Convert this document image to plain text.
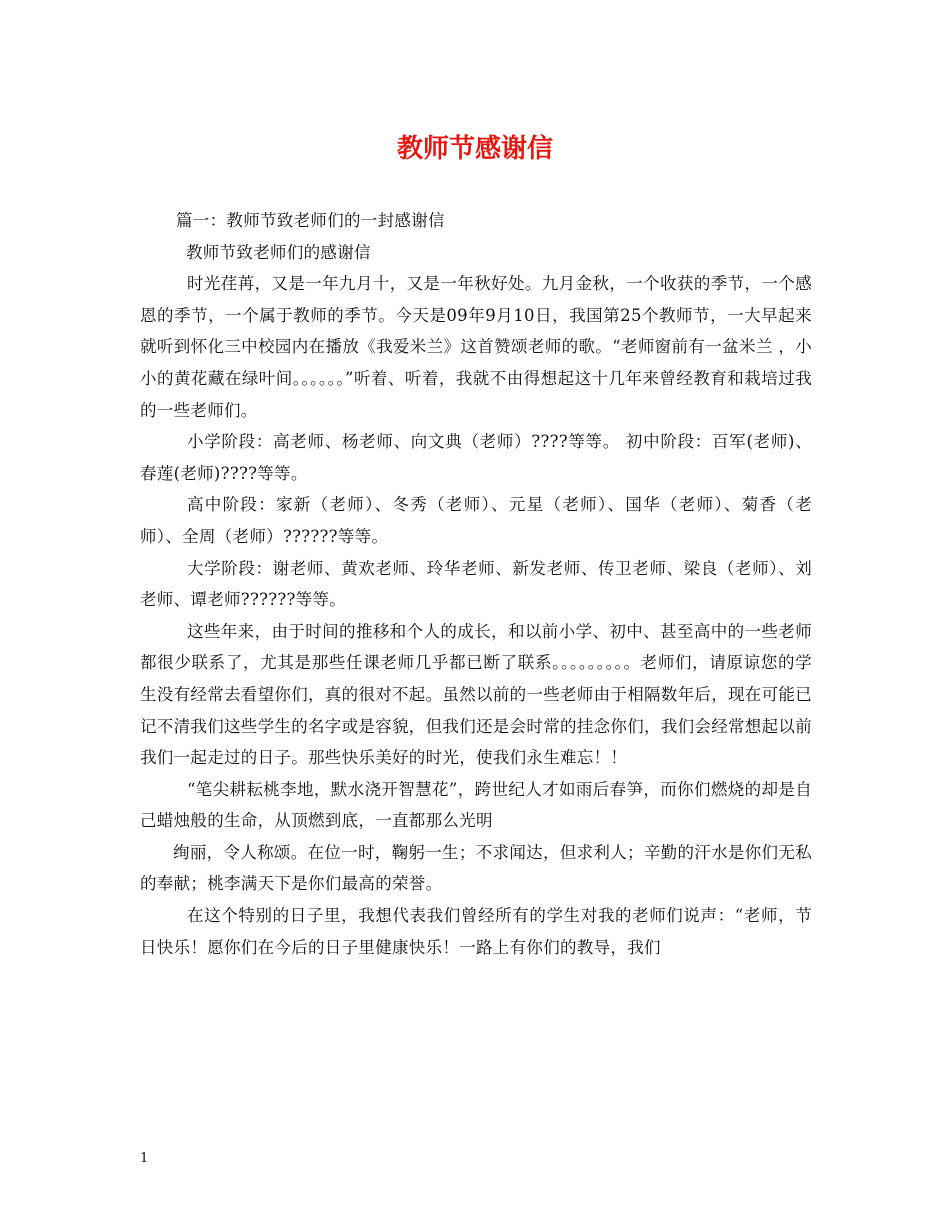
教师节感谢信

篇一：教师节致老师们的一封感谢信

教师节致老师们的感谢信

时光荏苒，又是一年九月十，又是一年秋好处。九月金秋，一个收获的季节，一个感恩的季节，一个属于教师的季节。今天是09年9月10日，我国第25个教师节，一大早起来就听到怀化三中校园内在播放《我爱米兰》这首赞颂老师的歌。“老师窗前有一盆米兰 ，小小的黄花藏在绿叶间。。。。。。”听着、听着，我就不由得想起这十几年来曾经教育和栽培过我的一些老师们。

小学阶段：高老师、杨老师、向文典（老师）????等等。 初中阶段：百军(老师)、春莲(老师)????等等。

高中阶段：家新（老师）、冬秀（老师）、元星（老师）、国华（老师）、菊香（老师）、全周（老师）??????等等。

大学阶段：谢老师、黄欢老师、玲华老师、新发老师、传卫老师、梁良（老师）、刘老师、谭老师??????等等。

这些年来，由于时间的推移和个人的成长，和以前小学、初中、甚至高中的一些老师都很少联系了，尤其是那些任课老师几乎都已断了联系。。。。。。。。。老师们，请原谅您的学生没有经常去看望你们，真的很对不起。虽然以前的一些老师由于相隔数年后，现在可能已记不清我们这些学生的名字或是容貌，但我们还是会时常的挂念你们，我们会经常想起以前我们一起走过的日子。那些快乐美好的时光，使我们永生难忘！！

“笔尖耕耘桃李地，默水浇开智慧花”，跨世纪人才如雨后春笋，而你们燃烧的却是自己蜡烛般的生命，从顶燃到底，一直都那么光明

绚丽，令人称颂。在位一时，鞠躬一生；不求闻达，但求利人；辛勤的汗水是你们无私的奉献；桃李满天下是你们最高的荣誉。

在这个特别的日子里，我想代表我们曾经所有的学生对我的老师们说声：“老师，节日快乐！愿你们在今后的日子里健康快乐！一路上有你们的教导，我们

1
